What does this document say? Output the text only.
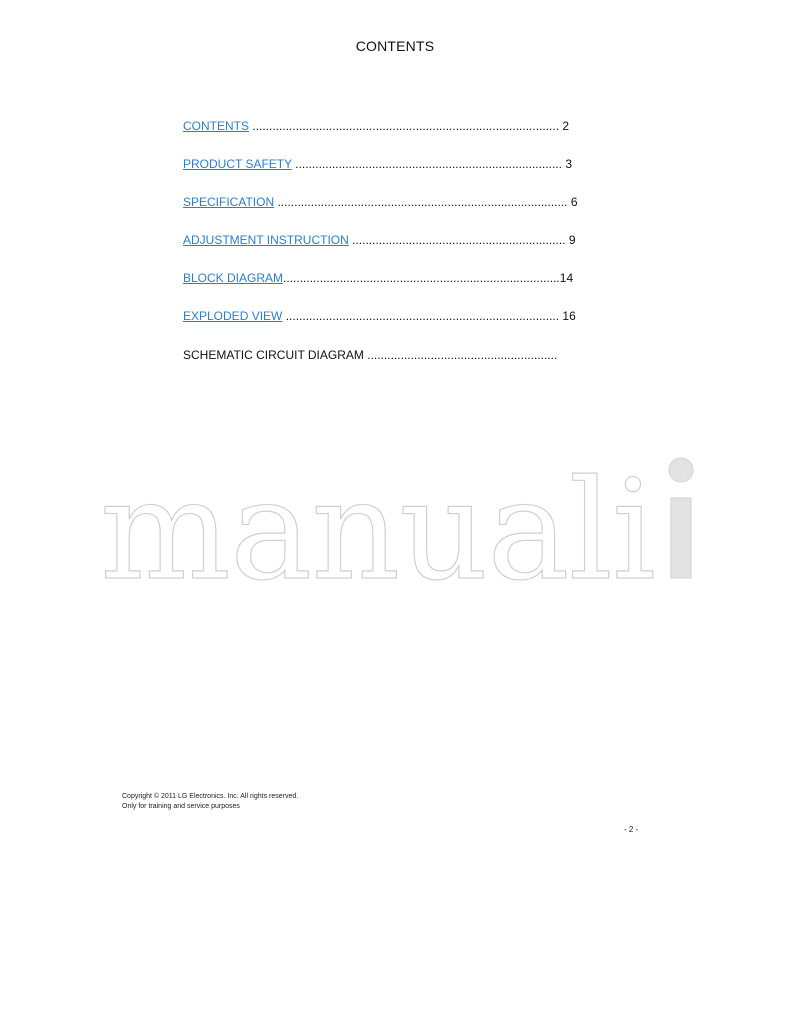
CONTENTS
CONTENTS ............................................................................................ 2
PRODUCT SAFETY ................................................................................ 3
SPECIFICATION ....................................................................................... 6
ADJUSTMENT INSTRUCTION ................................................................ 9
BLOCK DIAGRAM...................................................................................14
EXPLODED VIEW .................................................................................. 16
SCHEMATIC CIRCUIT DIAGRAM .........................................................
manuali
Copyright © 2011 LG Electronics. Inc. All rights reserved.
Only for training and service purposes
- 2 -
